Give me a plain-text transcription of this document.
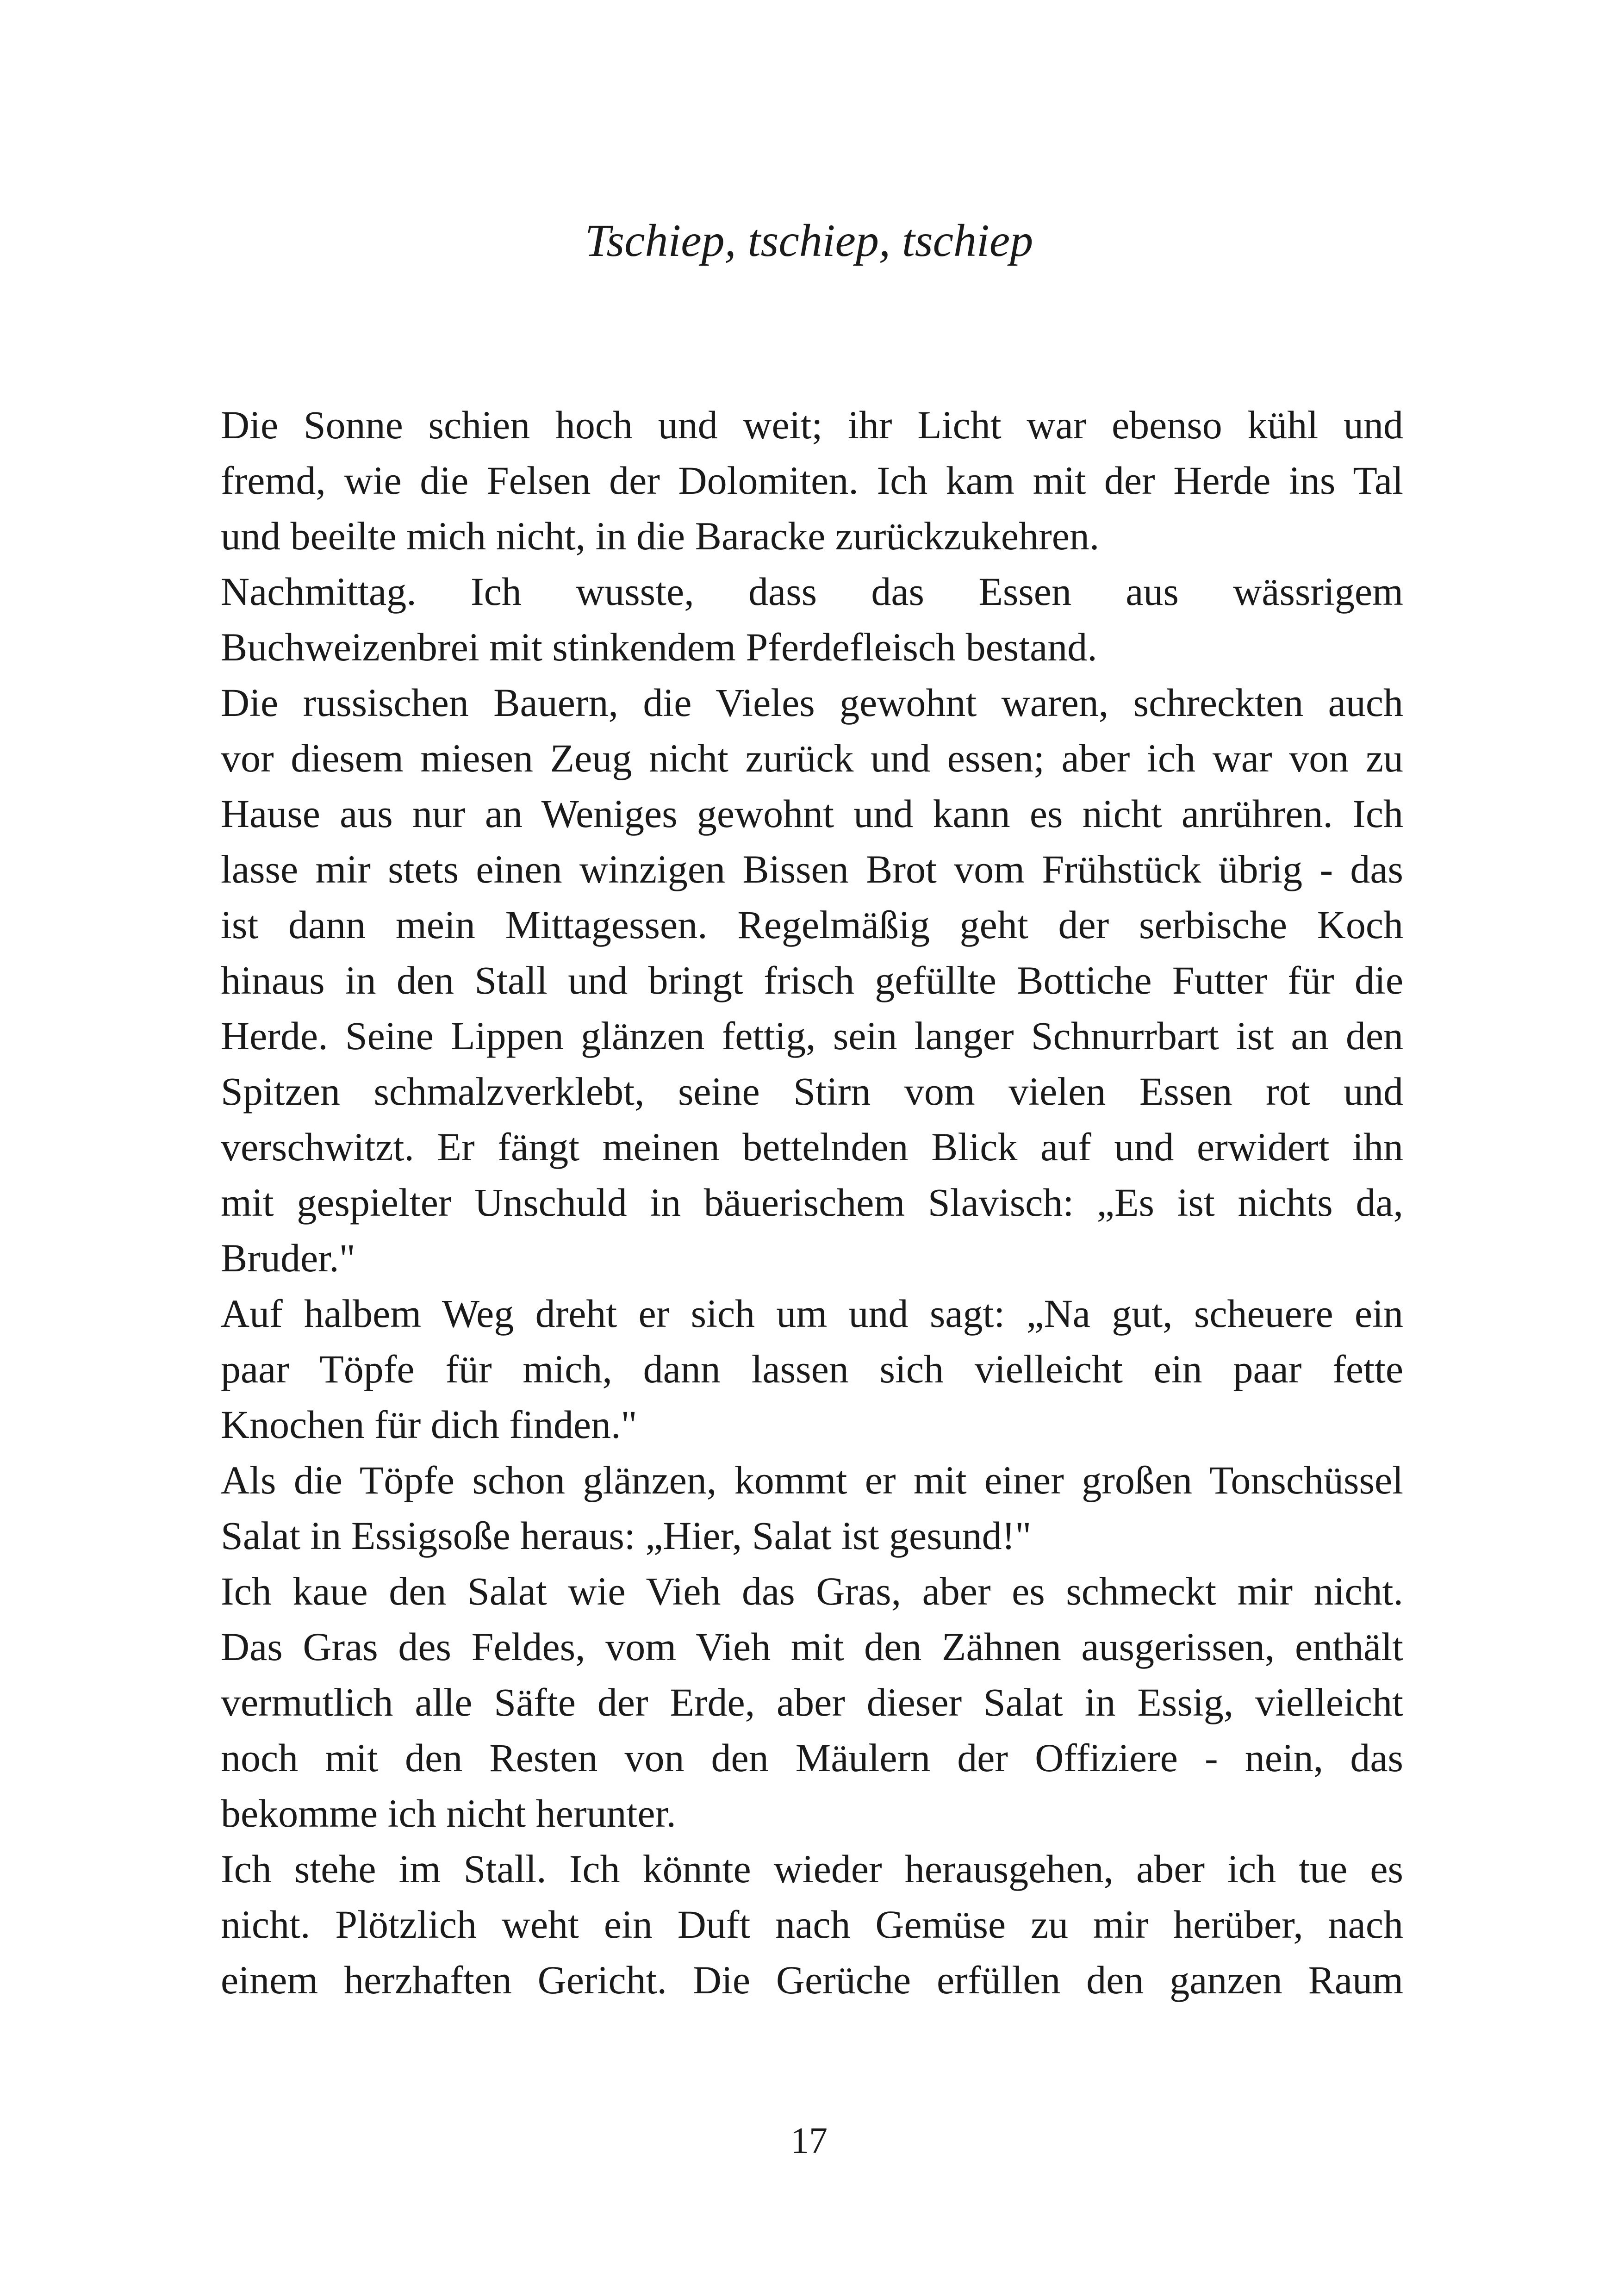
Tschiep, tschiep, tschiep
Die Sonne schien hoch und weit; ihr Licht war ebenso kühl und
fremd, wie die Felsen der Dolomiten. Ich kam mit der Herde ins Tal
und beeilte mich nicht, in die Baracke zurückzukehren.
Nachmittag. Ich wusste, dass das Essen aus wässrigem
Buchweizenbrei mit stinkendem Pferdefleisch bestand.
Die russischen Bauern, die Vieles gewohnt waren, schreckten auch
vor diesem miesen Zeug nicht zurück und essen; aber ich war von zu
Hause aus nur an Weniges gewohnt und kann es nicht anrühren. Ich
lasse mir stets einen winzigen Bissen Brot vom Frühstück übrig - das
ist dann mein Mittagessen. Regelmäßig geht der serbische Koch
hinaus in den Stall und bringt frisch gefüllte Bottiche Futter für die
Herde. Seine Lippen glänzen fettig, sein langer Schnurrbart ist an den
Spitzen schmalzverklebt, seine Stirn vom vielen Essen rot und
verschwitzt. Er fängt meinen bettelnden Blick auf und erwidert ihn
mit gespielter Unschuld in bäuerischem Slavisch: „Es ist nichts da,
Bruder."
Auf halbem Weg dreht er sich um und sagt: „Na gut, scheuere ein
paar Töpfe für mich, dann lassen sich vielleicht ein paar fette
Knochen für dich finden."
Als die Töpfe schon glänzen, kommt er mit einer großen Tonschüssel
Salat in Essigsoße heraus: „Hier, Salat ist gesund!"
Ich kaue den Salat wie Vieh das Gras, aber es schmeckt mir nicht.
Das Gras des Feldes, vom Vieh mit den Zähnen ausgerissen, enthält
vermutlich alle Säfte der Erde, aber dieser Salat in Essig, vielleicht
noch mit den Resten von den Mäulern der Offiziere - nein, das
bekomme ich nicht herunter.
Ich stehe im Stall. Ich könnte wieder herausgehen, aber ich tue es
nicht. Plötzlich weht ein Duft nach Gemüse zu mir herüber, nach
einem herzhaften Gericht. Die Gerüche erfüllen den ganzen Raum
17
